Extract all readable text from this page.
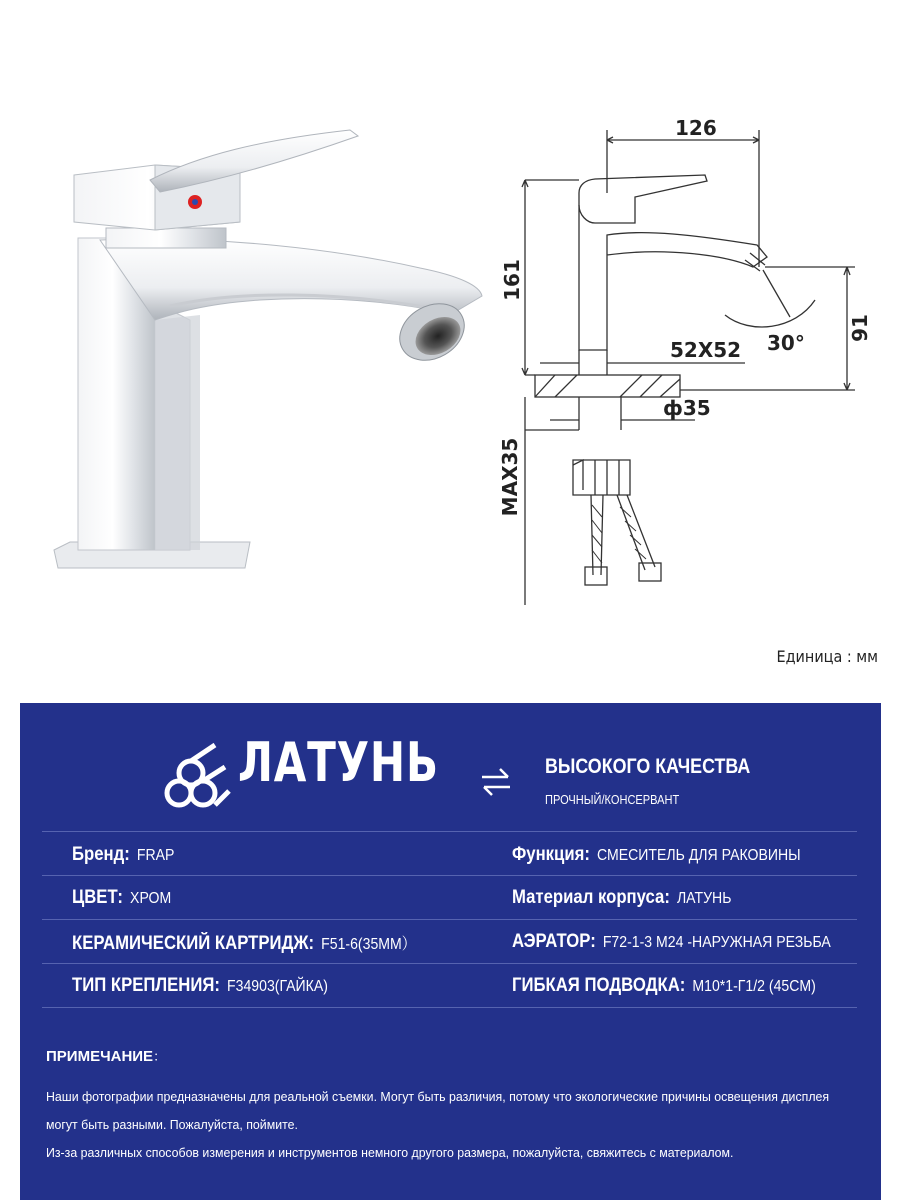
126
161
91
30°
52X52
ф35
MAX35
Единица : мм
ЛАТУНЬ	ВЫСОКОГО КАЧЕСТВА
ПРОЧНЫЙ/КОНСЕРВАНТ
Бренд: FRAP
ЦВЕТ: ХРОМ
КЕРАМИЧЕСКИЙ КАРТРИДЖ: F51-6(35ММ）
ТИП КРЕПЛЕНИЯ: F34903(ГАЙКА)
Функция: СМЕСИТЕЛЬ ДЛЯ РАКОВИНЫ
Материал корпуса: ЛАТУНЬ
АЭРАТОР: F72-1-3 M24 -НАРУЖНАЯ РЕЗЬБА
ГИБКАЯ ПОДВОДКА: M10*1-Г1/2 (45CM)
ПРИМЕЧАНИЕ：
Наши фотографии предназначены для реальной съемки. Могут быть различия, потому что экологические причины освещения дисплея
могут быть разными. Пожалуйста, поймите.
Из-за различных способов измерения и инструментов немного другого размера, пожалуйста, свяжитесь с материалом.
